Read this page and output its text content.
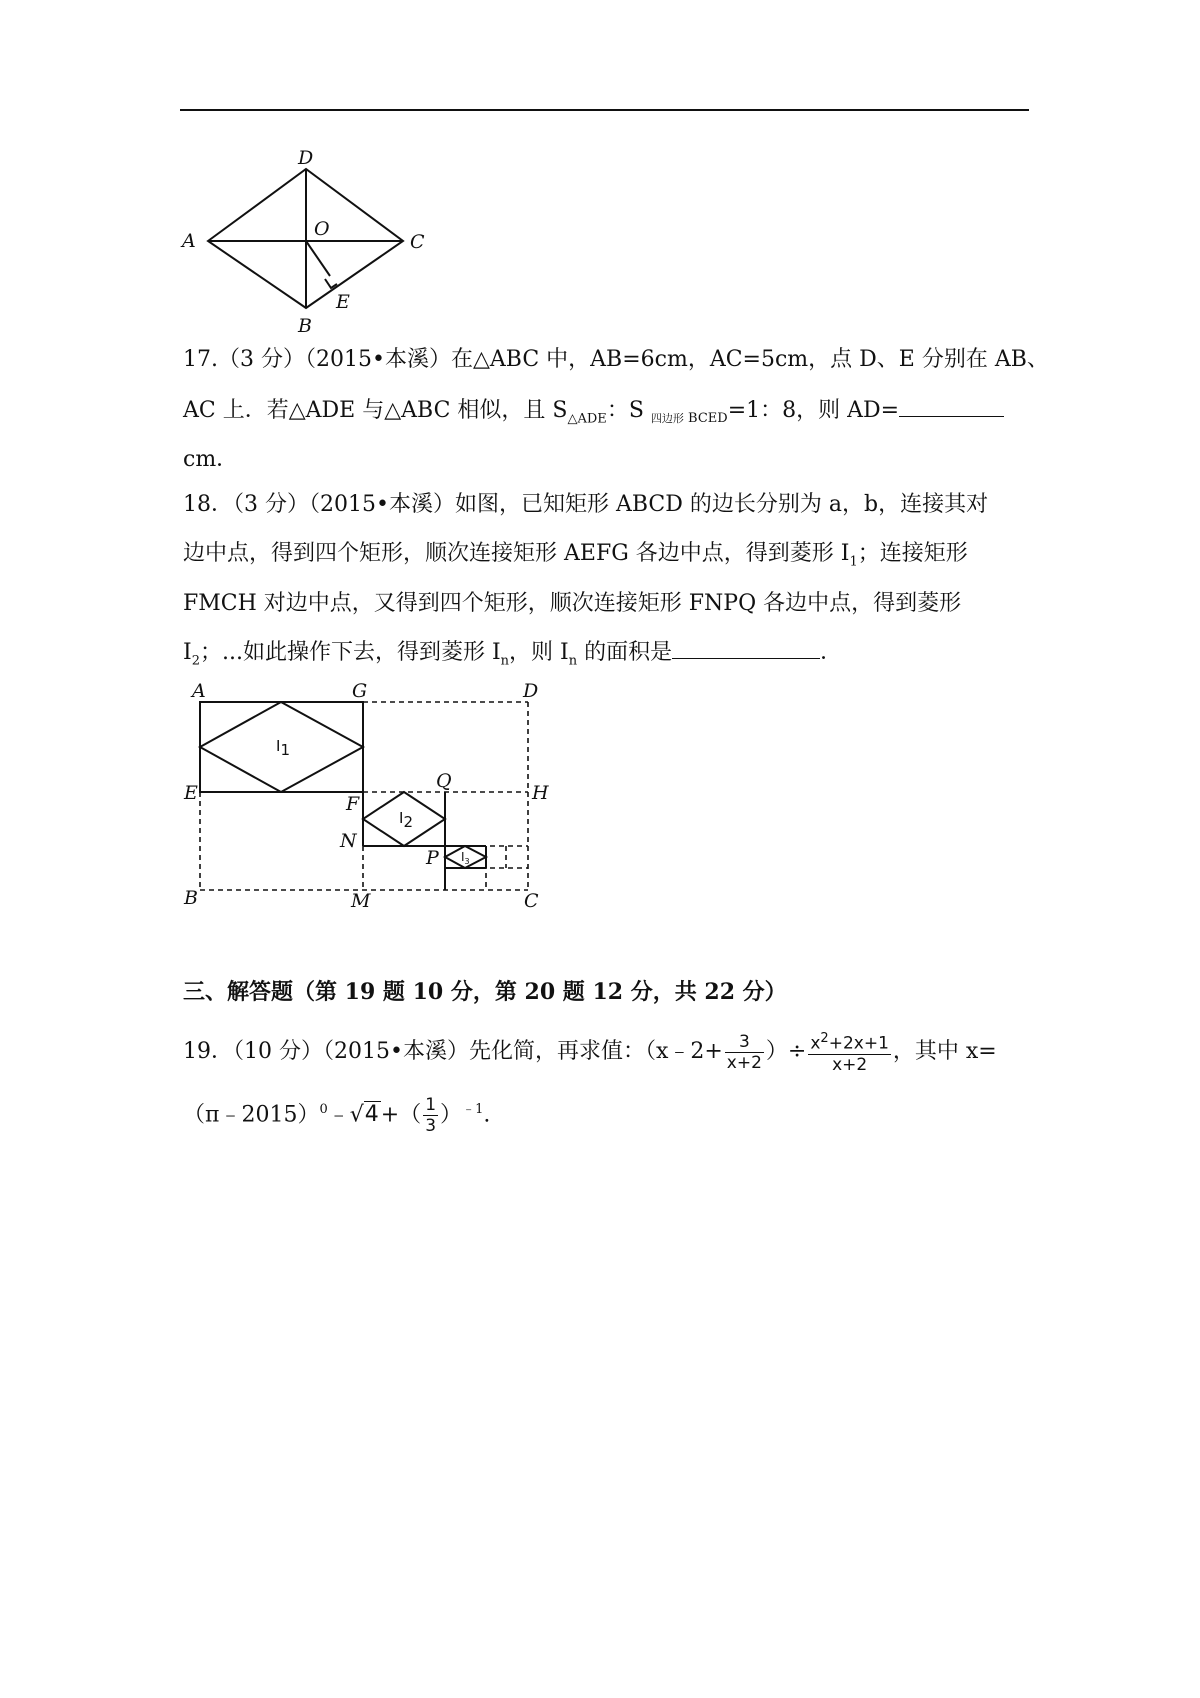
A
D
O
C
E
B
17.（3 分）（2015•本溪）在△ABC 中，AB=6cm，AC=5cm，点 D、E 分别在 AB、
AC 上．若△ADE 与△ABC 相似，且 $S_{\triangle ADE}$：S $_{四边形 BCED}$=1：8，则 AD=
cm．
18．（3 分）（2015•本溪）如图，已知矩形 ABCD 的边长分别为 a，b，连接其对
边中点，得到四个矩形，顺次连接矩形 AEFG 各边中点，得到菱形 $I_1$；连接矩形
FMCH 对边中点，又得到四个矩形，顺次连接矩形 FNPQ 各边中点，得到菱形
$I_2$；...如此操作下去，得到菱形 $I_n$，则 $I_n$ 的面积是	．
A	G	D
E	H
Q
F
N
P
B	M	C
I1
I2
$I_3$
三、解答题（第 19 题 10 分，第 20 题 12 分，共 22 分）
19．（10 分）（2015•本溪）先化简，再求值：（x﹣2+ $\frac{3}{x+2}$ ）÷ $\frac{x^2+2x+1}{x+2}$ ，其中 x=
（π﹣2015）$^0$﹣√4+（ $\frac{1}{3} )^{﹣1}$.
